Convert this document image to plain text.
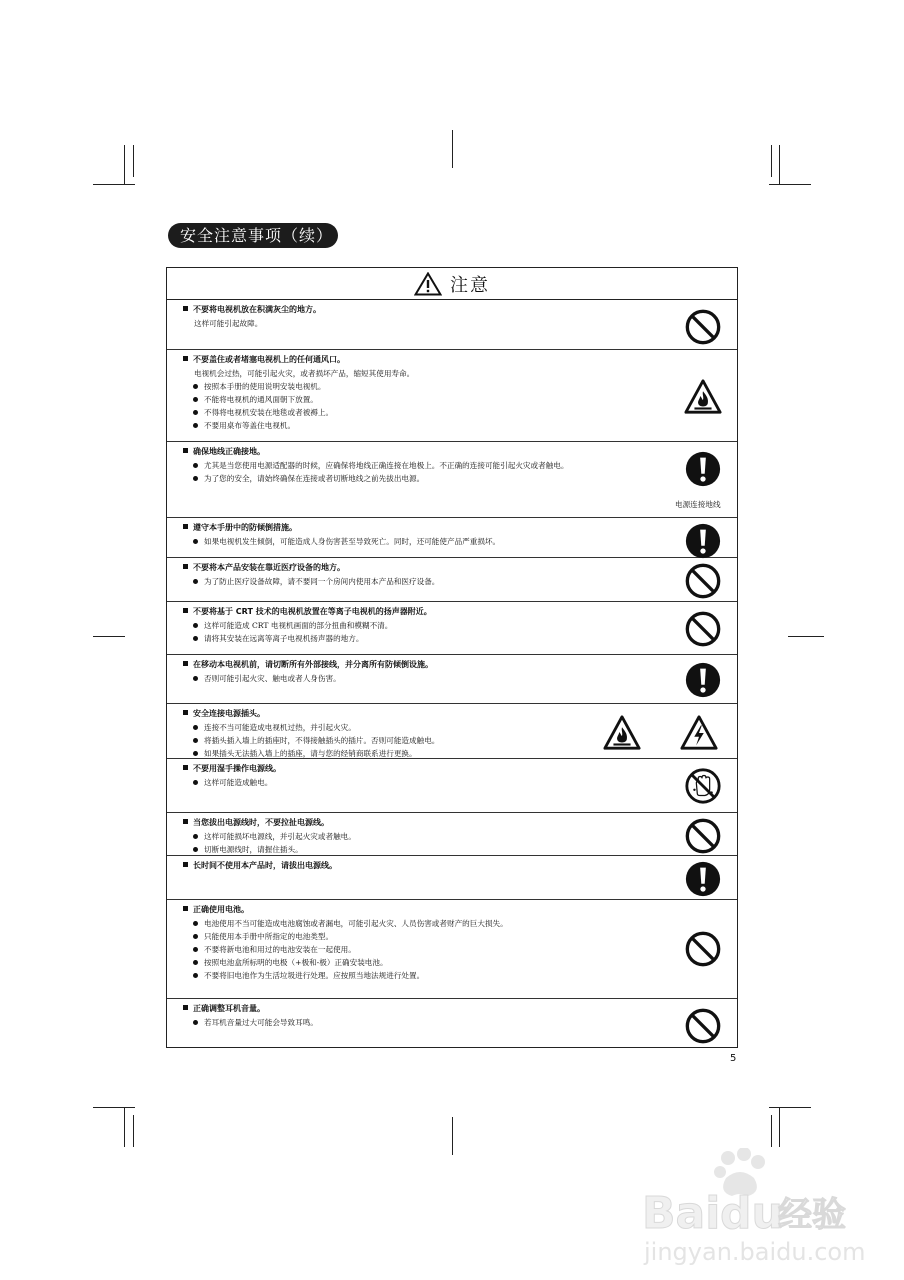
安全注意事项（续）
注意
不要将电视机放在积满灰尘的地方。
这样可能引起故障。
不要盖住或者堵塞电视机上的任何通风口。
电视机会过热，可能引起火灾，或者损坏产品，缩短其使用寿命。
按照本手册的使用说明安装电视机。
不能将电视机的通风面朝下放置。
不得将电视机安装在地毯或者被褥上。
不要用桌布等盖住电视机。
确保地线正确接地。
尤其是当您使用电源适配器的时候，应确保将地线正确连接在地极上。不正确的连接可能引起火灾或者触电。
为了您的安全，请始终确保在连接或者切断地线之前先拔出电源。
电源连接地线
遵守本手册中的防倾倒措施。
如果电视机发生倾倒，可能造成人身伤害甚至导致死亡。同时，还可能使产品严重损坏。
不要将本产品安装在靠近医疗设备的地方。
为了防止医疗设备故障，请不要同一个房间内使用本产品和医疗设备。
不要将基于 CRT 技术的电视机放置在等离子电视机的扬声器附近。
这样可能造成 CRT 电视机画面的部分扭曲和模糊不清。
请将其安装在远离等离子电视机扬声器的地方。
在移动本电视机前，请切断所有外部接线，并分离所有防倾倒设施。
否则可能引起火灾、触电或者人身伤害。
安全连接电源插头。
连接不当可能造成电视机过热，并引起火灾。
将插头插入墙上的插座时，不得接触插头的插片。否则可能造成触电。
如果插头无法插入墙上的插座，请与您的经销商联系进行更换。
不要用湿手操作电源线。
这样可能造成触电。
当您拔出电源线时，不要拉扯电源线。
这样可能损坏电源线，并引起火灾或者触电。
切断电源线时，请握住插头。
长时间不使用本产品时，请拔出电源线。
正确使用电池。
电池使用不当可能造成电池腐蚀或者漏电，可能引起火灾、人员伤害或者财产的巨大损失。
只能使用本手册中所指定的电池类型。
不要将新电池和用过的电池安装在一起使用。
按照电池盒所标明的电极（+极和-极）正确安装电池。
不要将旧电池作为生活垃圾进行处理。应按照当地法规进行处置。
正确调整耳机音量。
若耳机音量过大可能会导致耳鸣。
5
Bai du
经验
jingyan.baidu.com
